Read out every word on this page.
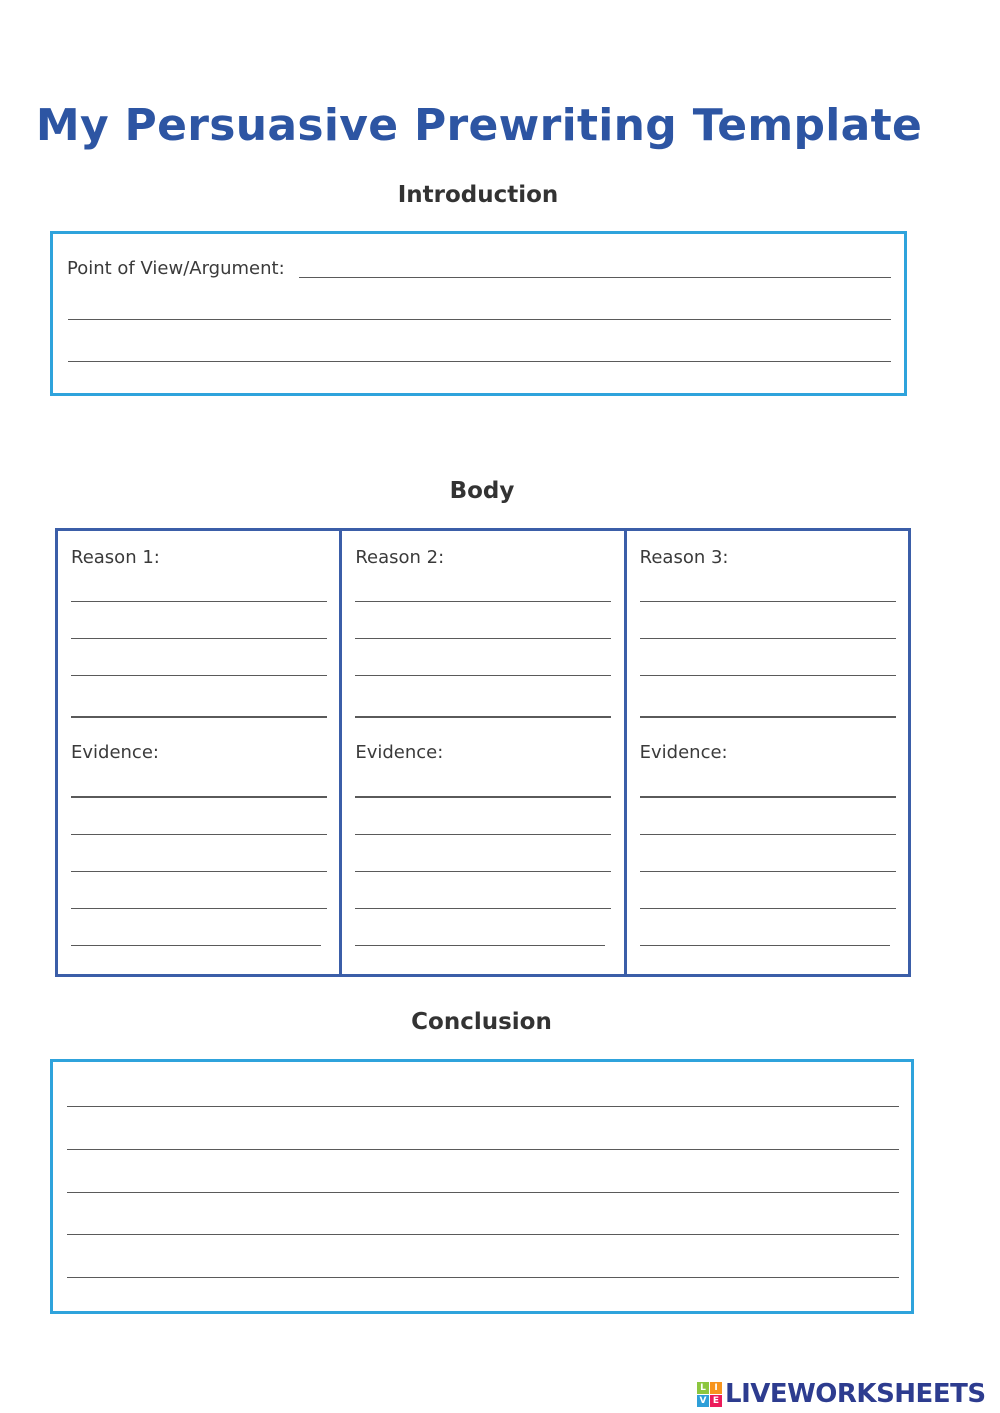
My Persuasive Prewriting Template
Introduction
Point of View/Argument:
Body
Reason 1:
Evidence:
Reason 2:
Evidence:
Reason 3:
Evidence:
Conclusion
L I
V E LIVEWORKSHEETS
